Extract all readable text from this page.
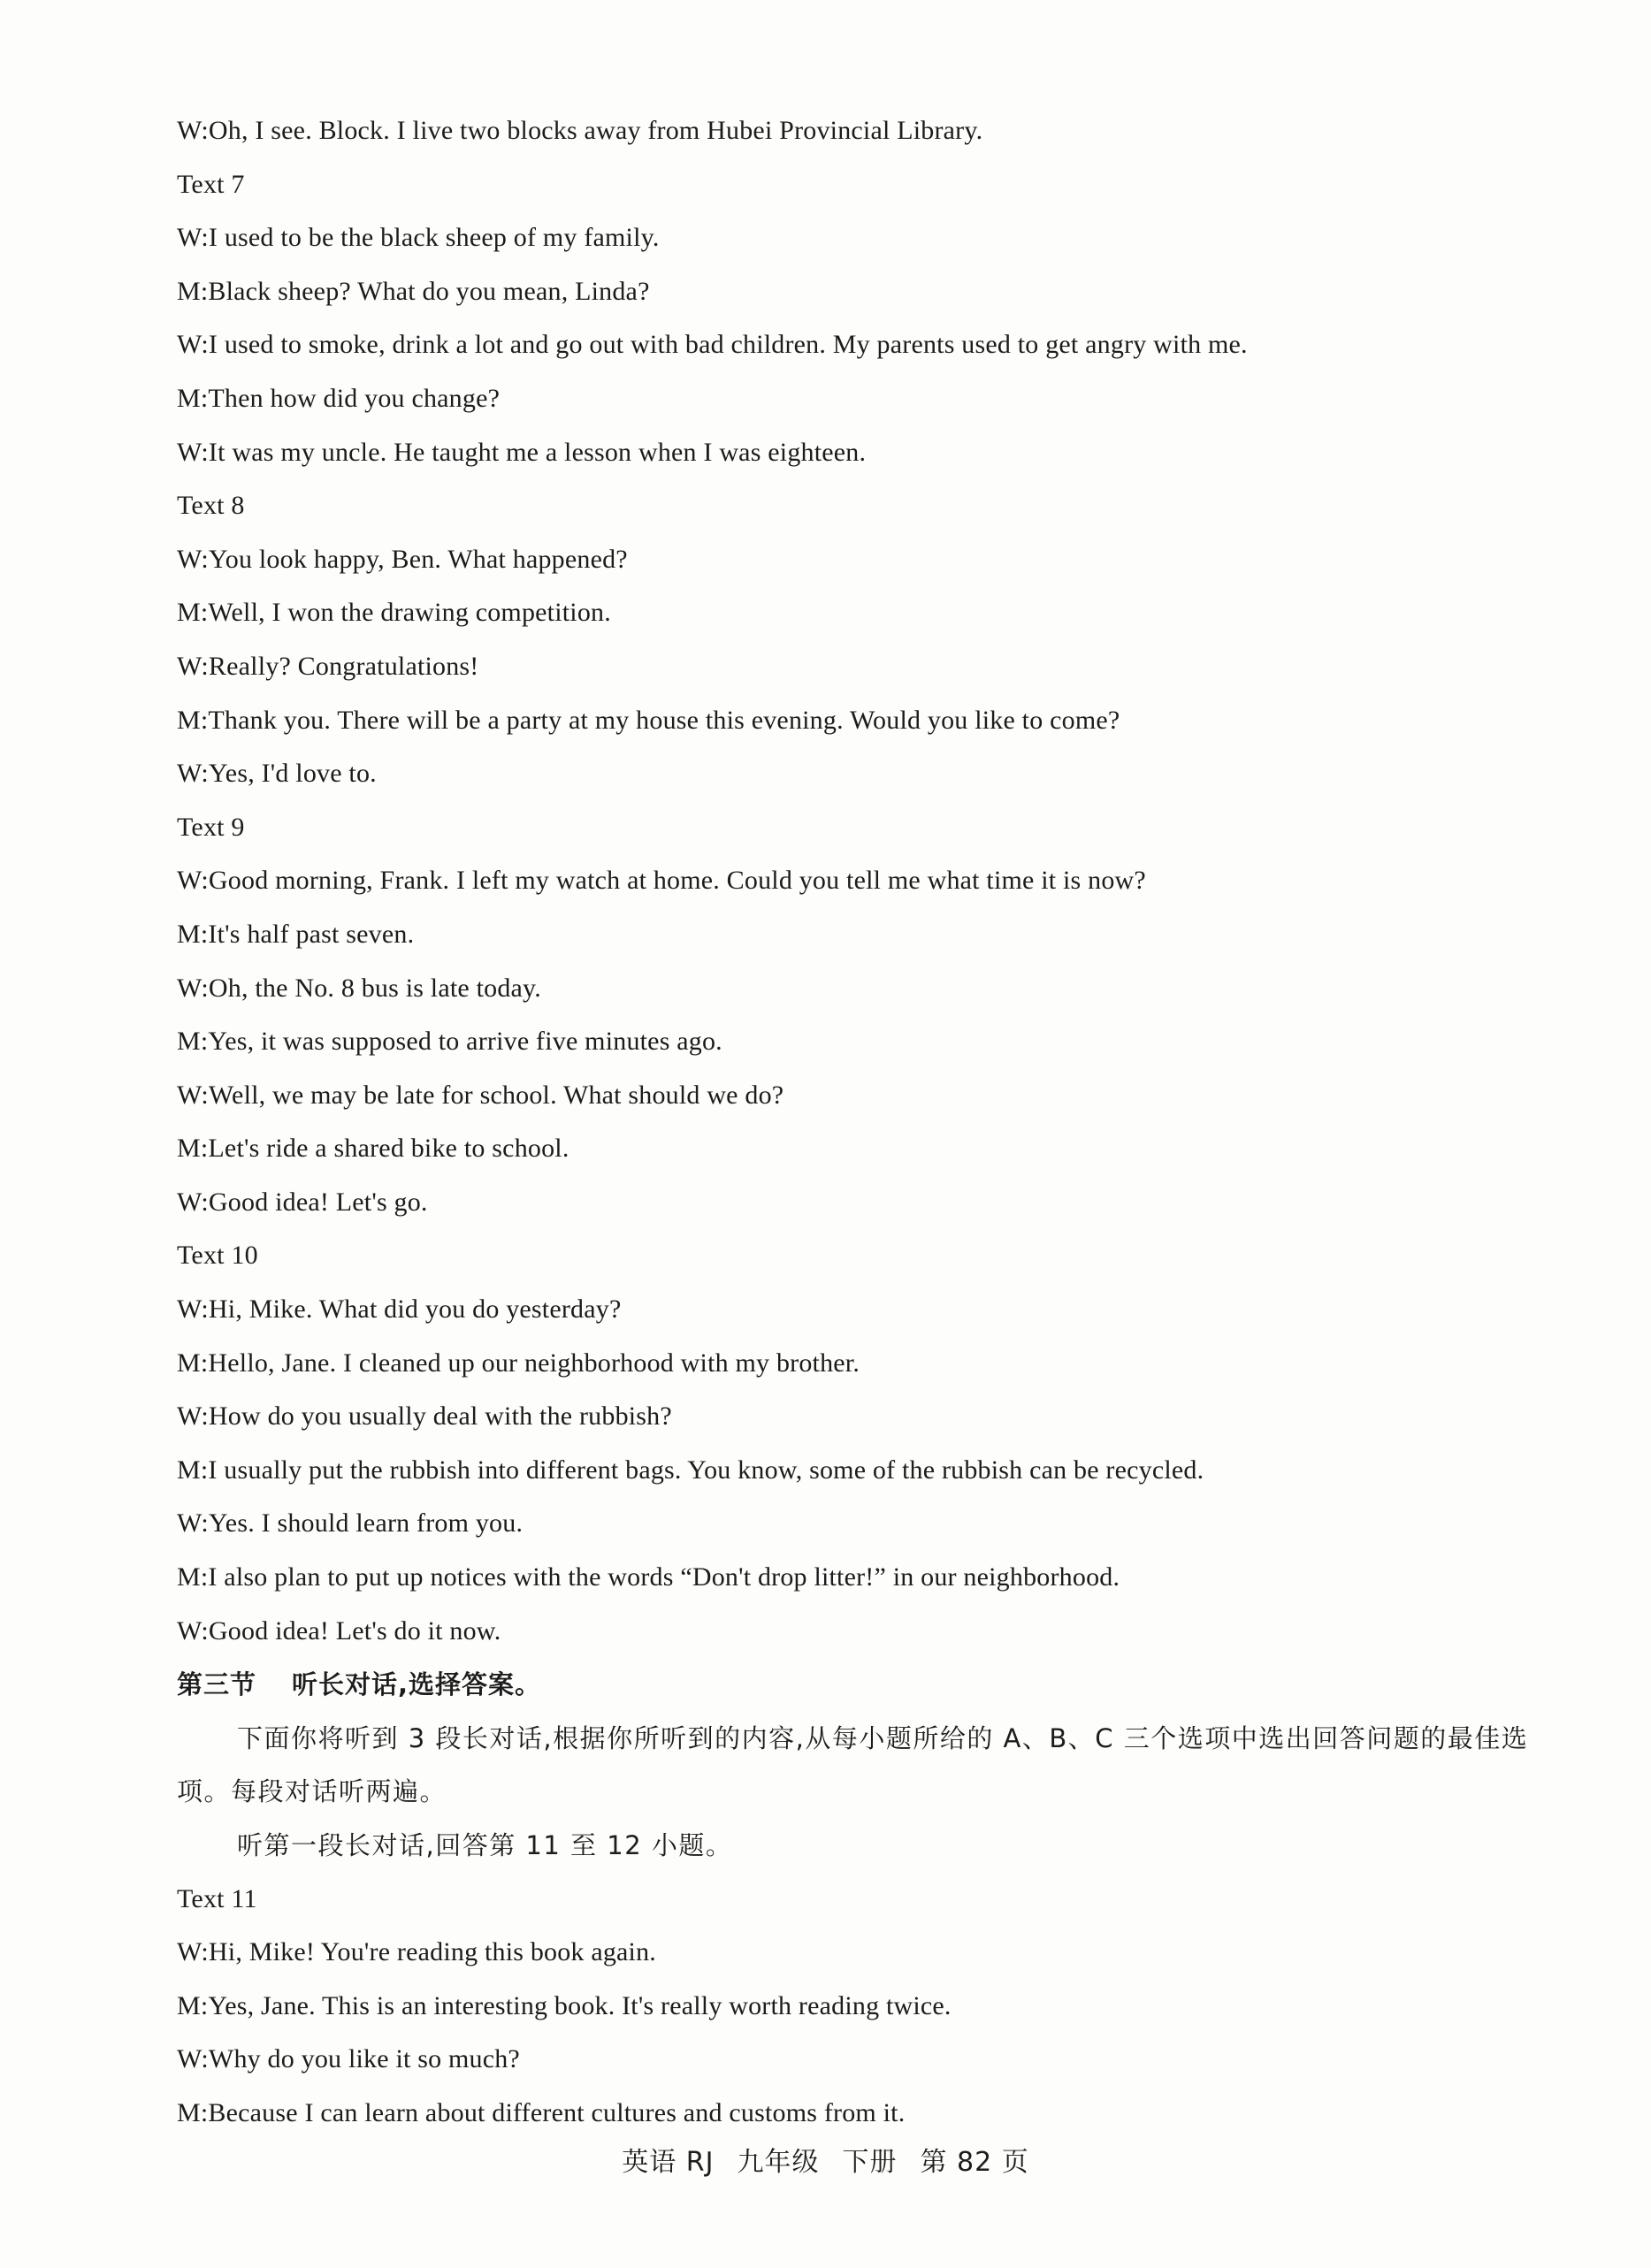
W:Oh, I see. Block. I live two blocks away from Hubei Provincial Library.
Text 7
W:I used to be the black sheep of my family.
M:Black sheep? What do you mean, Linda?
W:I used to smoke, drink a lot and go out with bad children. My parents used to get angry with me.
M:Then how did you change?
W:It was my uncle. He taught me a lesson when I was eighteen.
Text 8
W:You look happy, Ben. What happened?
M:Well, I won the drawing competition.
W:Really? Congratulations!
M:Thank you. There will be a party at my house this evening. Would you like to come?
W:Yes, I'd love to.
Text 9
W:Good morning, Frank. I left my watch at home. Could you tell me what time it is now?
M:It's half past seven.
W:Oh, the No. 8 bus is late today.
M:Yes, it was supposed to arrive five minutes ago.
W:Well, we may be late for school. What should we do?
M:Let's ride a shared bike to school.
W:Good idea! Let's go.
Text 10
W:Hi, Mike. What did you do yesterday?
M:Hello, Jane. I cleaned up our neighborhood with my brother.
W:How do you usually deal with the rubbish?
M:I usually put the rubbish into different bags. You know, some of the rubbish can be recycled.
W:Yes. I should learn from you.
M:I also plan to put up notices with the words “Don't drop litter!” in our neighborhood.
W:Good idea! Let's do it now.
第三节 听长对话,选择答案。
下面你将听到 3 段长对话,根据你所听到的内容,从每小题所给的 A、B、C 三个选项中选出回答问题的最佳选项。每段对话听两遍。
听第一段长对话,回答第 11 至 12 小题。
Text 11
W:Hi, Mike! You're reading this book again.
M:Yes, Jane. This is an interesting book. It's really worth reading twice.
W:Why do you like it so much?
M:Because I can learn about different cultures and customs from it.
英语 RJ 九年级 下册 第 82 页
